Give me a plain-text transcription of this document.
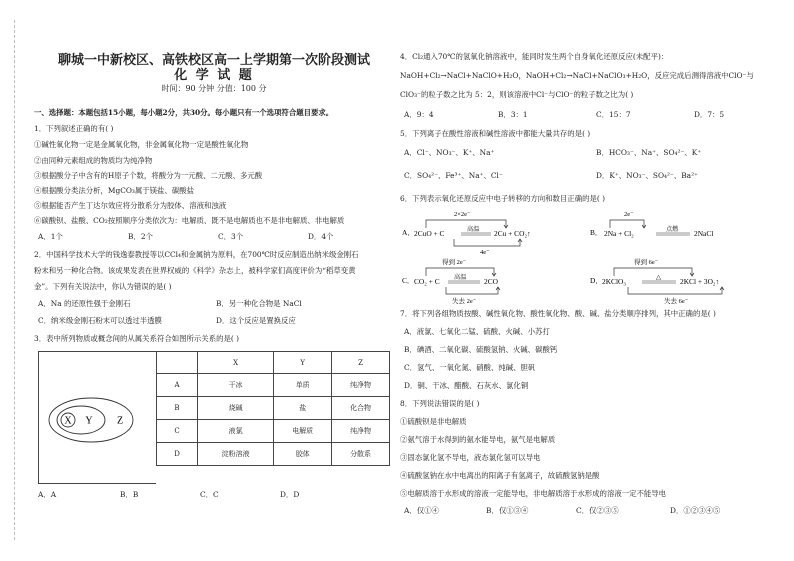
聊城一中新校区、高铁校区高一上学期第一次阶段测试
化 学 试 题
时间：90 分钟 分值：100 分
一、选择题：本题包括15小题，每小题2分，共30分。每小题只有一个选项符合题目要求。
1．下列叙述正确的有( )
①碱性氧化物一定是金属氧化物，非金属氧化物一定是酸性氧化物
②由同种元素组成的物质均为纯净物
③根据酸分子中含有的H原子个数，将酸分为一元酸、二元酸、多元酸
④根据酸分类法分析，MgCO₃属于镁盐、碳酸盐
⑤根据能否产生丁达尔效应将分散系分为胶体、溶液和浊液
⑥碳酸钡、盐酸、CO₂按照顺序分类依次为：电解质、既不是电解质也不是非电解质、非电解质
A．1个	B．2个	C．3个	D．4个
2．中国科学技术大学的钱逸泰教授等以CCl₄和金属钠为原料，在700℃时反应制造出纳米级金刚石
粉末和另一种化合物。该成果发表在世界权威的《科学》杂志上，被科学家们高度评价为“稻草变黄
金”。下列有关说法中，你认为错误的是( )
A．Na 的还原性强于金刚石	B．另一种化合物是 NaCl
C．纳米级金刚石粉末可以透过半透膜	D．这个反应是置换反应
3．表中所列物质或概念间的从属关系符合如图所示关系的是( )
X Y Z
	X	Y	Z
A	干冰	单质	纯净物
B	烧碱	盐	化合物
C	液氯	电解质	纯净物
D	淀粉溶液	胶体	分散系
A．A	B．B	C．C	D．D
4．Cl₂通入70℃的氢氧化钠溶液中，能同时发生两个自身氧化还原反应(未配平)：
NaOH+Cl₂→NaCl+NaClO+H₂O，NaOH+Cl₂→NaCl+NaClO₃+H₂O，反应完成后测得溶液中ClO⁻与
ClO₃⁻的粒子数之比为 5：2，则该溶液中Cl⁻与ClO⁻的粒子数之比为( )
A．9：4	B．3：1	C．15：7	D．7：5
5．下列离子在酸性溶液和碱性溶液中都能大量共存的是( )
A．Cl⁻、NO₃⁻、K⁺、Na⁺	B．HCO₃⁻、Na⁺、SO₄²⁻、K⁺
C．SO₄²⁻、Fe³⁺、Na⁺、Cl⁻	D．K⁺、NO₃⁻、SO₄²⁻、Ba²⁺
6．下列表示氧化还原反应中电子转移的方向和数目正确的是( )
A．
2×2e⁻
2CuO + C	高温 2Cu + CO₂↑
4e⁻
B．
2e⁻
2Na + Cl₂	点燃 2NaCl
C．
得到 2e⁻
CO₂ + C 高温 2CO
失去 2e⁻
D．
得到 6e⁻
2KClO₃	△	2KCl + 3O₂↑
失去 6e⁻
7．将下列各组物质按酸、碱性氧化物、酸性氧化物、酸、碱、盐分类顺序排列，其中正确的是( )
A．液氯、七氧化二锰、硫酸、火碱、小苏打
B．碘酒、二氧化碳、硫酸氢钠、火碱、碳酸钙
C．氢气、一氧化氮、硝酸、纯碱、胆矾
D．铜、干冰、醋酸、石灰水、氯化铜
8．下列说法错误的是( )
①硫酸钡是非电解质
②氨气溶于水得到的氨水能导电，氨气是电解质
③固态氯化氢不导电，液态氯化氢可以导电
④硫酸氢钠在水中电离出的阳离子有氢离子，故硫酸氢钠是酸
⑤电解质溶于水形成的溶液一定能导电，非电解质溶于水形成的溶液一定不能导电
A．仅①④	B．仅①③④	C．仅②③⑤	D．①②③④⑤
